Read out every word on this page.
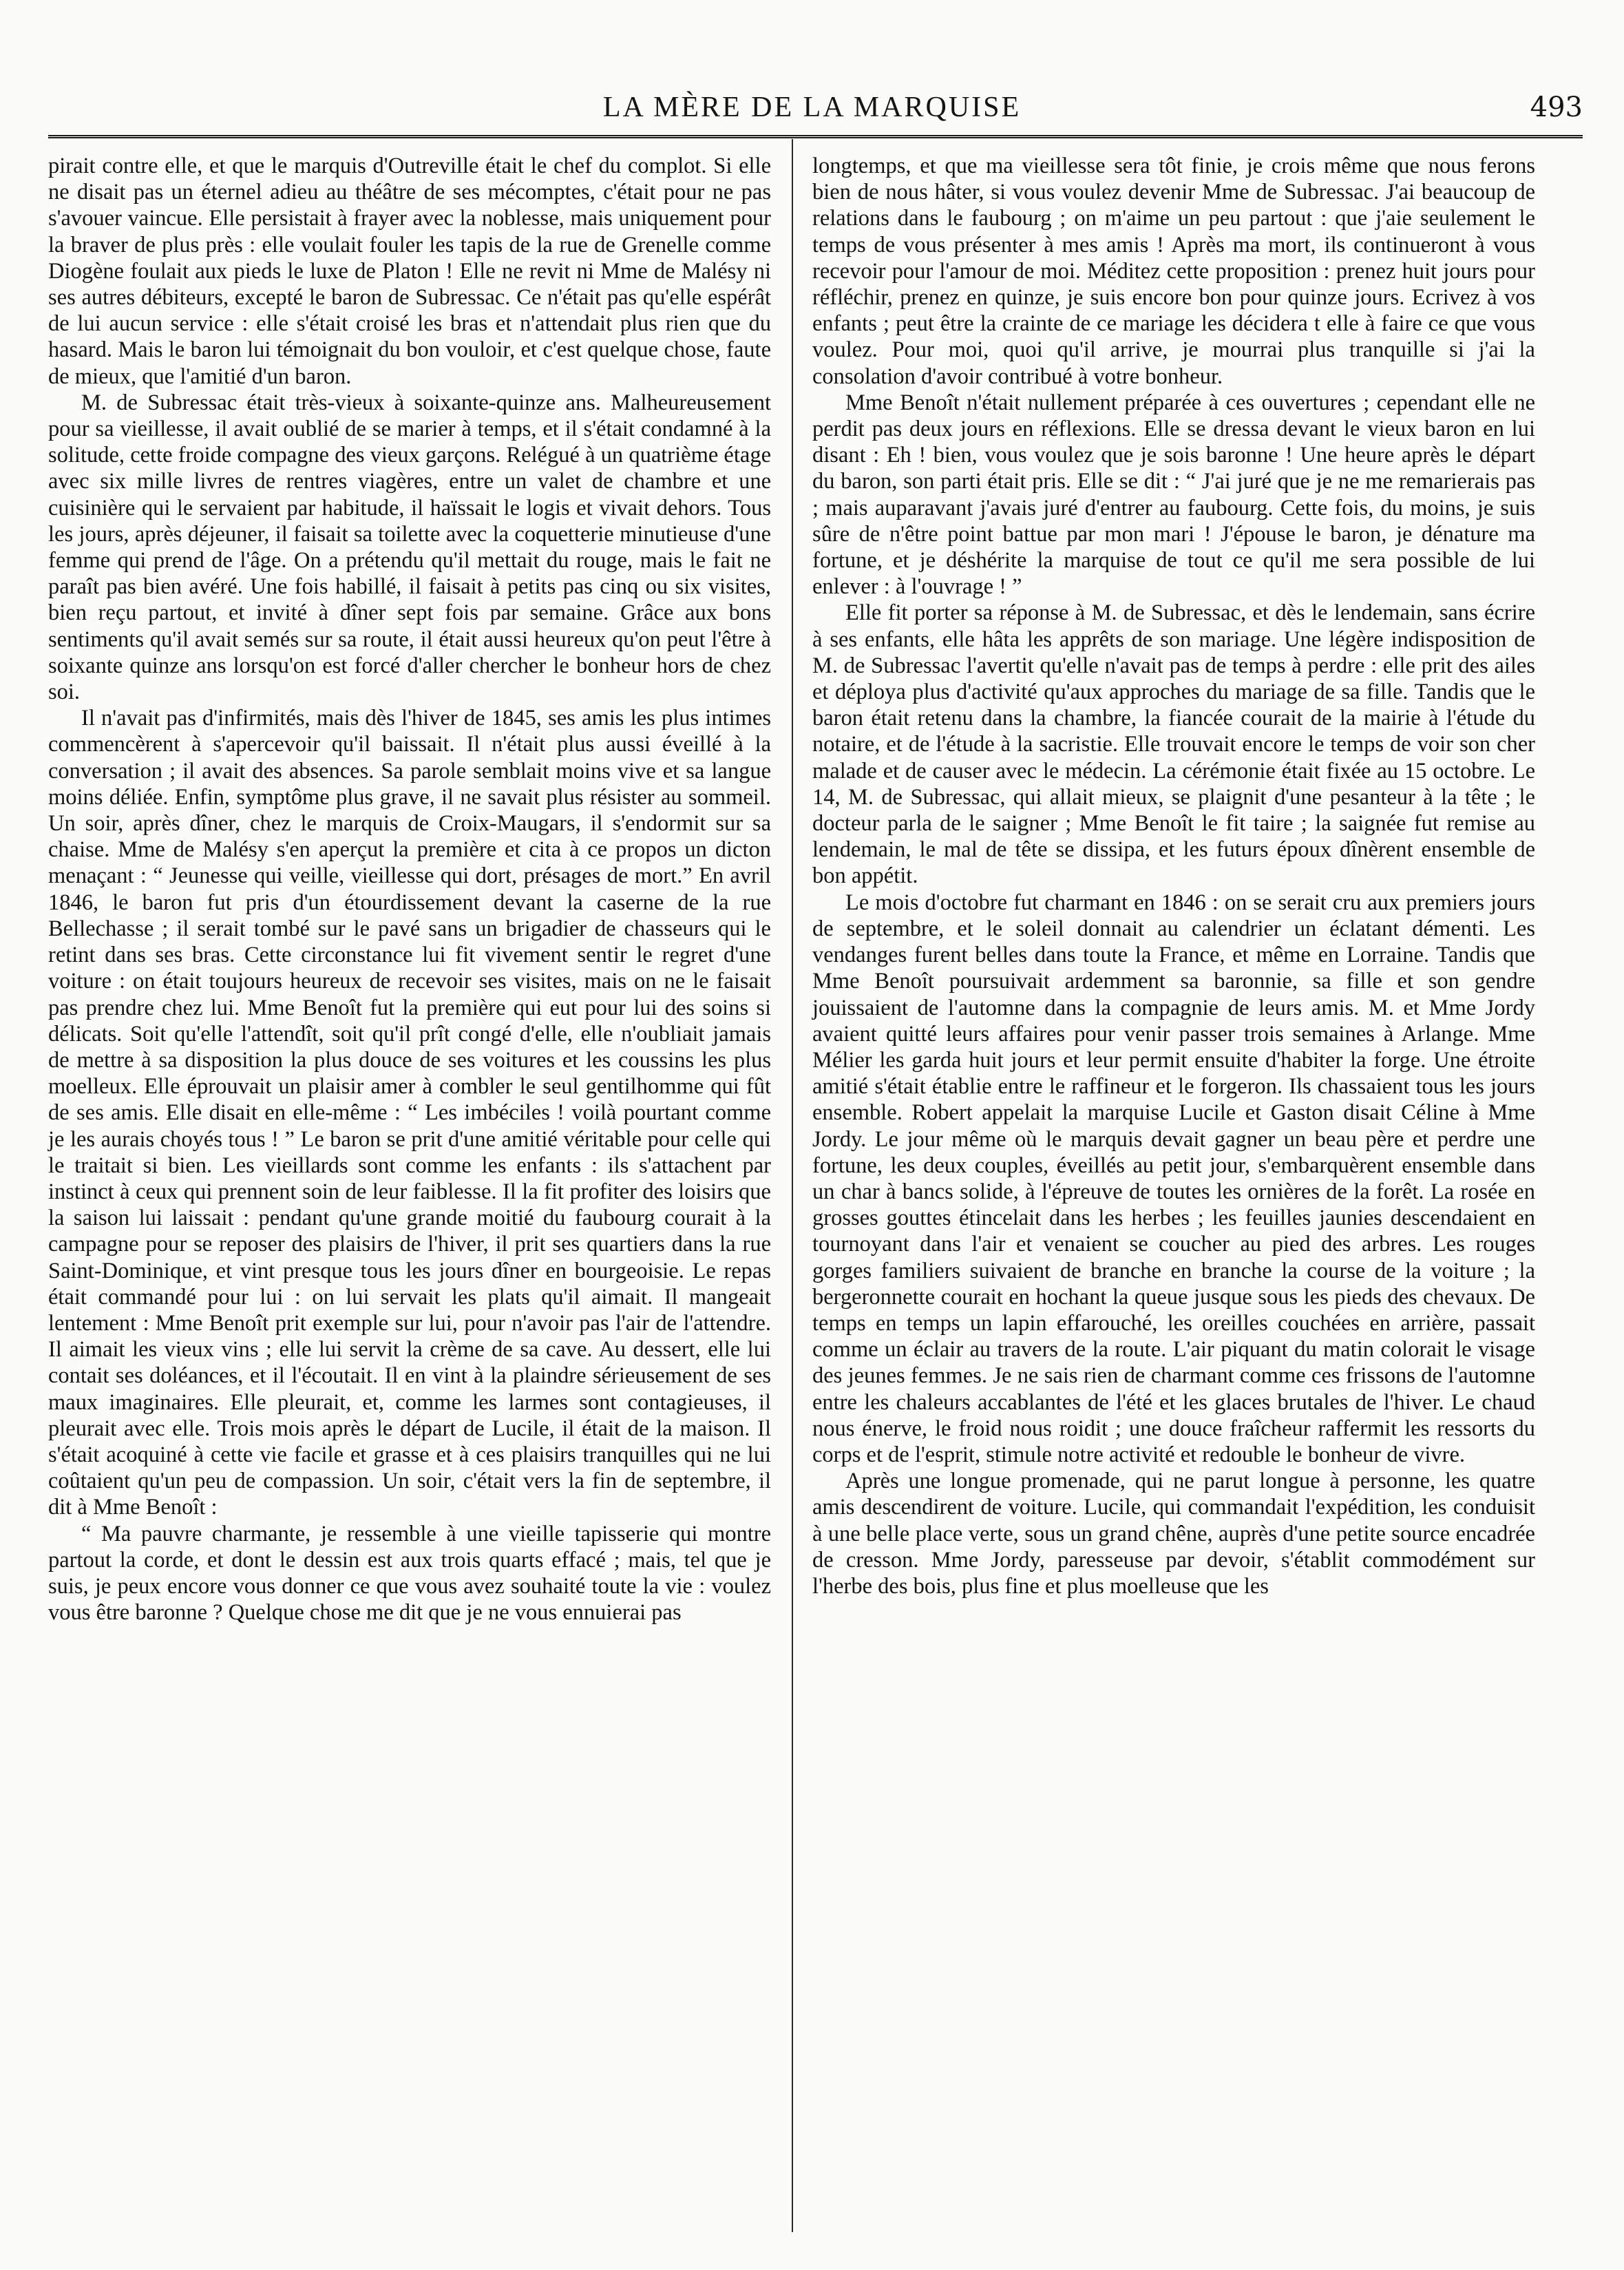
LA MÈRE DE LA MARQUISE	493

pirait contre elle, et que le marquis d'Outreville était le chef du complot. Si elle ne disait pas un éternel adieu au théâtre de ses mécomptes, c'était pour ne pas s'avouer vaincue. Elle persistait à frayer avec la noblesse, mais uniquement pour la braver de plus près : elle voulait fouler les tapis de la rue de Grenelle comme Diogène foulait aux pieds le luxe de Platon ! Elle ne revit ni Mme de Malésy ni ses autres débiteurs, excepté le baron de Subressac. Ce n'était pas qu'elle espérât de lui aucun service : elle s'était croisé les bras et n'attendait plus rien que du hasard. Mais le baron lui témoignait du bon vouloir, et c'est quelque chose, faute de mieux, que l'amitié d'un baron.

M. de Subressac était très-vieux à soixante-quinze ans. Malheureusement pour sa vieillesse, il avait oublié de se marier à temps, et il s'était condamné à la solitude, cette froide compagne des vieux garçons. Relégué à un quatrième étage avec six mille livres de rentres viagères, entre un valet de chambre et une cuisinière qui le servaient par habitude, il haïssait le logis et vivait dehors. Tous les jours, après déjeuner, il faisait sa toilette avec la coquetterie minutieuse d'une femme qui prend de l'âge. On a prétendu qu'il mettait du rouge, mais le fait ne paraît pas bien avéré. Une fois habillé, il faisait à petits pas cinq ou six visites, bien reçu partout, et invité à dîner sept fois par semaine. Grâce aux bons sentiments qu'il avait semés sur sa route, il était aussi heureux qu'on peut l'être à soixante quinze ans lorsqu'on est forcé d'aller chercher le bonheur hors de chez soi.

Il n'avait pas d'infirmités, mais dès l'hiver de 1845, ses amis les plus intimes commencèrent à s'apercevoir qu'il baissait. Il n'était plus aussi éveillé à la conversation ; il avait des absences. Sa parole semblait moins vive et sa langue moins déliée. Enfin, symptôme plus grave, il ne savait plus résister au sommeil. Un soir, après dîner, chez le marquis de Croix-Maugars, il s'endormit sur sa chaise. Mme de Malésy s'en aperçut la première et cita à ce propos un dicton menaçant : “ Jeunesse qui veille, vieillesse qui dort, présages de mort.” En avril 1846, le baron fut pris d'un étourdissement devant la caserne de la rue Bellechasse ; il serait tombé sur le pavé sans un brigadier de chasseurs qui le retint dans ses bras. Cette circonstance lui fit vivement sentir le regret d'une voiture : on était toujours heureux de recevoir ses visites, mais on ne le faisait pas prendre chez lui. Mme Benoît fut la première qui eut pour lui des soins si délicats. Soit qu'elle l'attendît, soit qu'il prît congé d'elle, elle n'oubliait jamais de mettre à sa disposition la plus douce de ses voitures et les coussins les plus moelleux. Elle éprouvait un plaisir amer à combler le seul gentilhomme qui fût de ses amis. Elle disait en elle-même : “ Les imbéciles ! voilà pourtant comme je les aurais choyés tous ! ” Le baron se prit d'une amitié véritable pour celle qui le traitait si bien. Les vieillards sont comme les enfants : ils s'attachent par instinct à ceux qui prennent soin de leur faiblesse. Il la fit profiter des loisirs que la saison lui laissait : pendant qu'une grande moitié du faubourg courait à la campagne pour se reposer des plaisirs de l'hiver, il prit ses quartiers dans la rue Saint-Dominique, et vint presque tous les jours dîner en bourgeoisie. Le repas était commandé pour lui : on lui servait les plats qu'il aimait. Il mangeait lentement : Mme Benoît prit exemple sur lui, pour n'avoir pas l'air de l'attendre. Il aimait les vieux vins ; elle lui servit la crème de sa cave. Au dessert, elle lui contait ses doléances, et il l'écoutait. Il en vint à la plaindre sérieusement de ses maux imaginaires. Elle pleurait, et, comme les larmes sont contagieuses, il pleurait avec elle. Trois mois après le départ de Lucile, il était de la maison. Il s'était acoquiné à cette vie facile et grasse et à ces plaisirs tranquilles qui ne lui coûtaient qu'un peu de compassion. Un soir, c'était vers la fin de septembre, il dit à Mme Benoît :

“ Ma pauvre charmante, je ressemble à une vieille tapisserie qui montre partout la corde, et dont le dessin est aux trois quarts effacé ; mais, tel que je suis, je peux encore vous donner ce que vous avez souhaité toute la vie : voulez vous être baronne ? Quelque chose me dit que je ne vous ennuierai pas

longtemps, et que ma vieillesse sera tôt finie, je crois même que nous ferons bien de nous hâter, si vous voulez devenir Mme de Subressac. J'ai beaucoup de relations dans le faubourg ; on m'aime un peu partout : que j'aie seulement le temps de vous présenter à mes amis ! Après ma mort, ils continueront à vous recevoir pour l'amour de moi. Méditez cette proposition : prenez huit jours pour réfléchir, prenez en quinze, je suis encore bon pour quinze jours. Ecrivez à vos enfants ; peut être la crainte de ce mariage les décidera t elle à faire ce que vous voulez. Pour moi, quoi qu'il arrive, je mourrai plus tranquille si j'ai la consolation d'avoir contribué à votre bonheur.

Mme Benoît n'était nullement préparée à ces ouvertures ; cependant elle ne perdit pas deux jours en réflexions. Elle se dressa devant le vieux baron en lui disant : Eh ! bien, vous voulez que je sois baronne ! Une heure après le départ du baron, son parti était pris. Elle se dit : “ J'ai juré que je ne me remarierais pas ; mais auparavant j'avais juré d'entrer au faubourg. Cette fois, du moins, je suis sûre de n'être point battue par mon mari ! J'épouse le baron, je dénature ma fortune, et je déshérite la marquise de tout ce qu'il me sera possible de lui enlever : à l'ouvrage ! ”

Elle fit porter sa réponse à M. de Subressac, et dès le lendemain, sans écrire à ses enfants, elle hâta les apprêts de son mariage. Une légère indisposition de M. de Subressac l'avertit qu'elle n'avait pas de temps à perdre : elle prit des ailes et déploya plus d'activité qu'aux approches du mariage de sa fille. Tandis que le baron était retenu dans la chambre, la fiancée courait de la mairie à l'étude du notaire, et de l'étude à la sacristie. Elle trouvait encore le temps de voir son cher malade et de causer avec le médecin. La cérémonie était fixée au 15 octobre. Le 14, M. de Subressac, qui allait mieux, se plaignit d'une pesanteur à la tête ; le docteur parla de le saigner ; Mme Benoît le fit taire ; la saignée fut remise au lendemain, le mal de tête se dissipa, et les futurs époux dînèrent ensemble de bon appétit.

Le mois d'octobre fut charmant en 1846 : on se serait cru aux premiers jours de septembre, et le soleil donnait au calendrier un éclatant démenti. Les vendanges furent belles dans toute la France, et même en Lorraine. Tandis que Mme Benoît poursuivait ardemment sa baronnie, sa fille et son gendre jouissaient de l'automne dans la compagnie de leurs amis. M. et Mme Jordy avaient quitté leurs affaires pour venir passer trois semaines à Arlange. Mme Mélier les garda huit jours et leur permit ensuite d'habiter la forge. Une étroite amitié s'était établie entre le raffineur et le forgeron. Ils chassaient tous les jours ensemble. Robert appelait la marquise Lucile et Gaston disait Céline à Mme Jordy. Le jour même où le marquis devait gagner un beau père et perdre une fortune, les deux couples, éveillés au petit jour, s'embarquèrent ensemble dans un char à bancs solide, à l'épreuve de toutes les ornières de la forêt. La rosée en grosses gouttes étincelait dans les herbes ; les feuilles jaunies descendaient en tournoyant dans l'air et venaient se coucher au pied des arbres. Les rouges gorges familiers suivaient de branche en branche la course de la voiture ; la bergeronnette courait en hochant la queue jusque sous les pieds des chevaux. De temps en temps un lapin effarouché, les oreilles couchées en arrière, passait comme un éclair au travers de la route. L'air piquant du matin colorait le visage des jeunes femmes. Je ne sais rien de charmant comme ces frissons de l'automne entre les chaleurs accablantes de l'été et les glaces brutales de l'hiver. Le chaud nous énerve, le froid nous roidit ; une douce fraîcheur raffermit les ressorts du corps et de l'esprit, stimule notre activité et redouble le bonheur de vivre.

Après une longue promenade, qui ne parut longue à personne, les quatre amis descendirent de voiture. Lucile, qui commandait l'expédition, les conduisit à une belle place verte, sous un grand chêne, auprès d'une petite source encadrée de cresson. Mme Jordy, paresseuse par devoir, s'établit commodément sur l'herbe des bois, plus fine et plus moelleuse que les
